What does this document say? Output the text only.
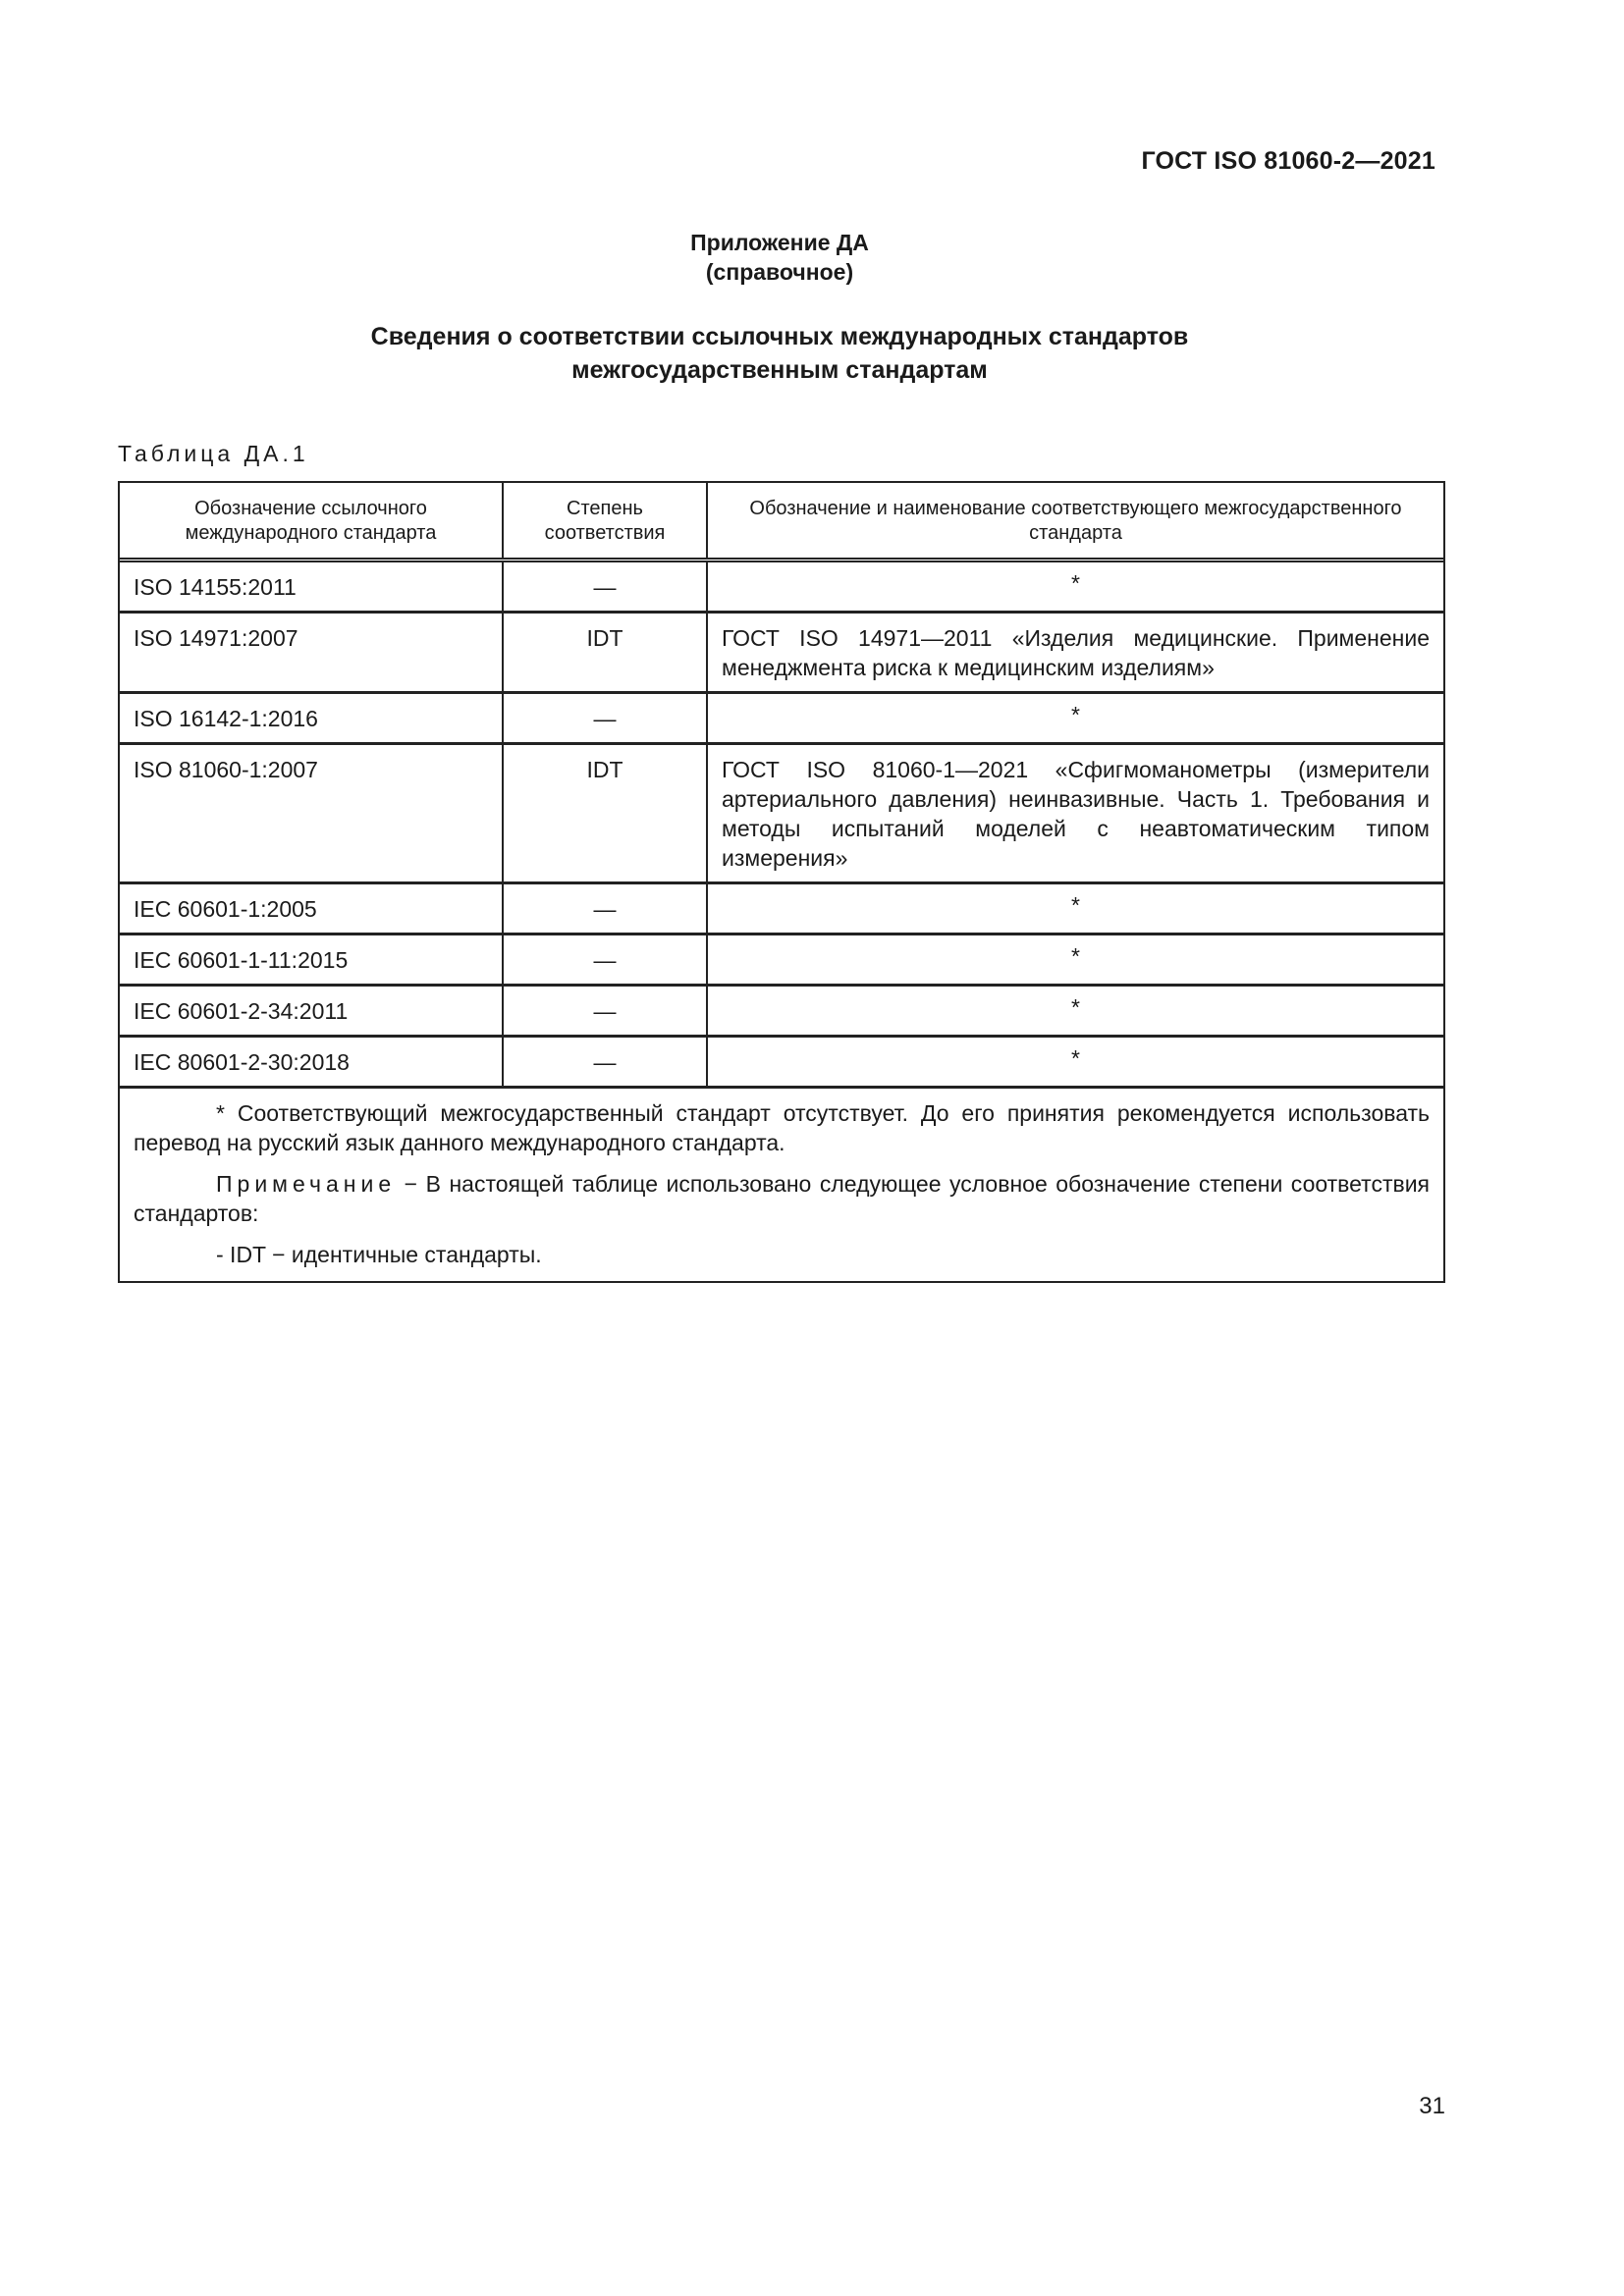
ГОСТ ISO 81060-2—2021
Приложение ДА
(справочное)
Сведения о соответствии ссылочных международных стандартов
межгосударственным стандартам
Таблица ДА.1
Обозначение ссылочного международного стандарта	Степень соответствия	Обозначение и наименование соответствующего межгосударственного стандарта
ISO 14155:2011	—	*
ISO 14971:2007	IDT	ГОСТ ISO 14971—2011 «Изделия медицинские. Применение менеджмента риска к медицинским изделиям»
ISO 16142-1:2016	—	*
ISO 81060-1:2007	IDT	ГОСТ ISO 81060-1—2021 «Сфигмоманометры (измерители артериального давления) неинвазивные. Часть 1. Требования и методы испытаний моделей с неавтоматическим типом измерения»
IEC 60601-1:2005	—	*
IEC 60601-1-11:2015	—	*
IEC 60601-2-34:2011	—	*
IEC 80601-2-30:2018	—	*

* Соответствующий межгосударственный стандарт отсутствует. До его принятия рекомендуется использовать перевод на русский язык данного международного стандарта.

Примечание − В настоящей таблице использовано следующее условное обозначение степени соответствия стандартов:

- IDT − идентичные стандарты.

31
